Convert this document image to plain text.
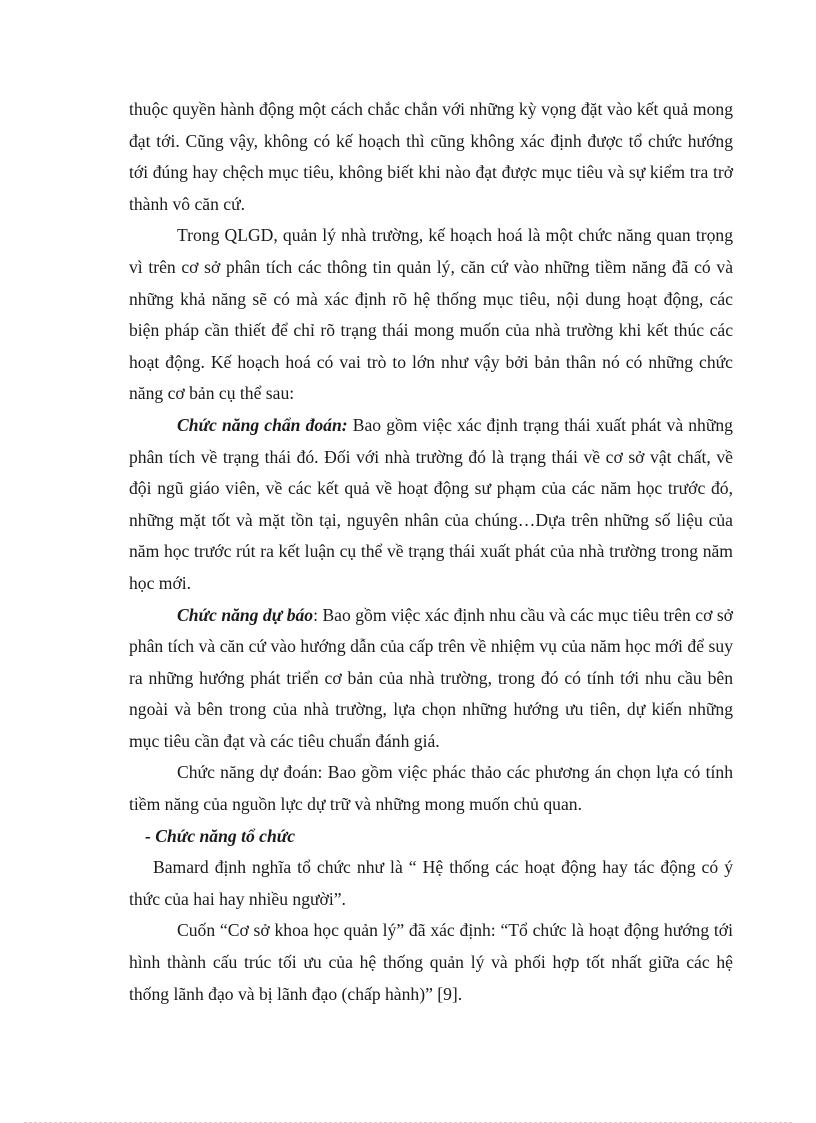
thuộc quyền hành động một cách chắc chắn với những kỳ vọng đặt vào kết quả mong đạt tới. Cũng vậy, không có kế hoạch thì cũng không xác định được tổ chức hướng tới đúng hay chệch mục tiêu, không biết khi nào đạt được mục tiêu và sự kiểm tra trở thành vô căn cứ.

Trong QLGD, quản lý nhà trường, kế hoạch hoá là một chức năng quan trọng vì trên cơ sở phân tích các thông tin quản lý, căn cứ vào những tiềm năng đã có và những khả năng sẽ có mà xác định rõ hệ thống mục tiêu, nội dung hoạt động, các biện pháp cần thiết để chỉ rõ trạng thái mong muốn của nhà trường khi kết thúc các hoạt động. Kế hoạch hoá có vai trò to lớn như vậy bởi bản thân nó có những chức năng cơ bản cụ thể sau:

Chức năng chẩn đoán: Bao gồm việc xác định trạng thái xuất phát và những phân tích về trạng thái đó. Đối với nhà trường đó là trạng thái về cơ sở vật chất, về đội ngũ giáo viên, về các kết quả về hoạt động sư phạm của các năm học trước đó, những mặt tốt và mặt tồn tại, nguyên nhân của chúng…Dựa trên những số liệu của năm học trước rút ra kết luận cụ thể về trạng thái xuất phát của nhà trường trong năm học mới.

Chức năng dự báo: Bao gồm việc xác định nhu cầu và các mục tiêu trên cơ sở phân tích và căn cứ vào hướng dẫn của cấp trên về nhiệm vụ của năm học mới để suy ra những hướng phát triển cơ bản của nhà trường, trong đó có tính tới nhu cầu bên ngoài và bên trong của nhà trường, lựa chọn những hướng ưu tiên, dự kiến những mục tiêu cần đạt và các tiêu chuẩn đánh giá.

Chức năng dự đoán: Bao gồm việc phác thảo các phương án chọn lựa có tính tiềm năng của nguồn lực dự trữ và những mong muốn chủ quan.

- Chức năng tổ chức

Bamard định nghĩa tổ chức như là “ Hệ thống các hoạt động hay tác động có ý thức của hai hay nhiều người”.

Cuốn “Cơ sở khoa học quản lý” đã xác định: “Tổ chức là hoạt động hướng tới hình thành cấu trúc tối ưu của hệ thống quản lý và phối hợp tốt nhất giữa các hệ thống lãnh đạo và bị lãnh đạo (chấp hành)” [9].
